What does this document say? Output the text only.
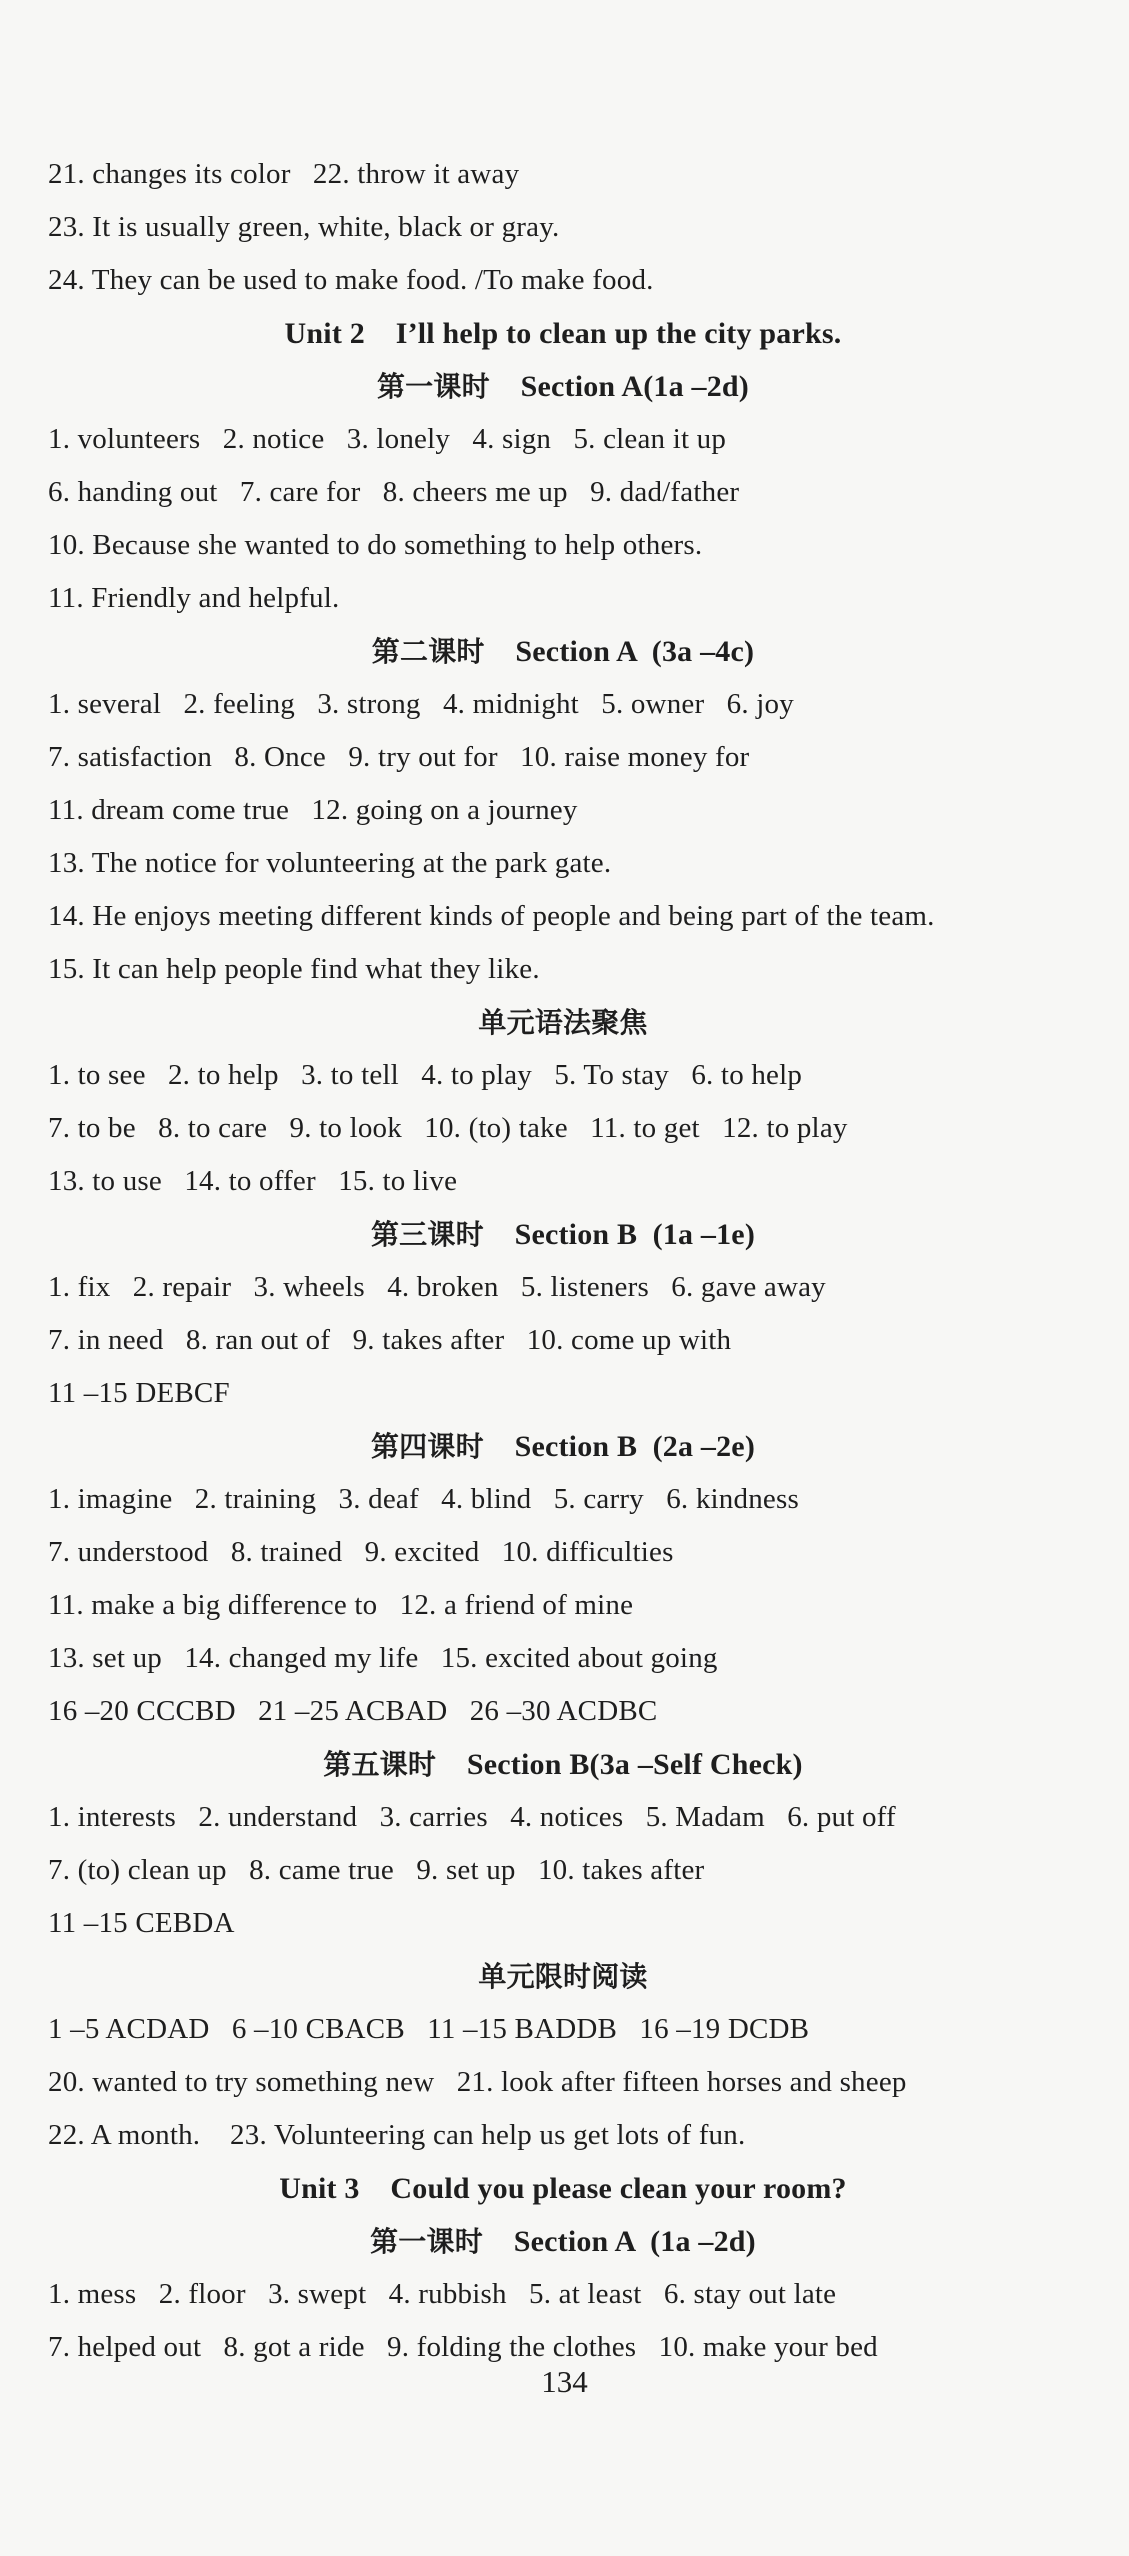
21. changes its color   22. throw it away
23. It is usually green, white, black or gray.
24. They can be used to make food. /To make food.
Unit 2    I’ll help to clean up the city parks.
第一课时    Section A(1a –2d)
1. volunteers   2. notice   3. lonely   4. sign   5. clean it up
6. handing out   7. care for   8. cheers me up   9. dad/father
10. Because she wanted to do something to help others.
11. Friendly and helpful.
第二课时    Section A  (3a –4c)
1. several   2. feeling   3. strong   4. midnight   5. owner   6. joy
7. satisfaction   8. Once   9. try out for   10. raise money for
11. dream come true   12. going on a journey
13. The notice for volunteering at the park gate.
14. He enjoys meeting different kinds of people and being part of the team.
15. It can help people find what they like.
单元语法聚焦
1. to see   2. to help   3. to tell   4. to play   5. To stay   6. to help
7. to be   8. to care   9. to look   10. (to) take   11. to get   12. to play
13. to use   14. to offer   15. to live
第三课时    Section B  (1a –1e)
1. fix   2. repair   3. wheels   4. broken   5. listeners   6. gave away
7. in need   8. ran out of   9. takes after   10. come up with
11 –15 DEBCF
第四课时    Section B  (2a –2e)
1. imagine   2. training   3. deaf   4. blind   5. carry   6. kindness
7. understood   8. trained   9. excited   10. difficulties
11. make a big difference to   12. a friend of mine
13. set up   14. changed my life   15. excited about going
16 –20 CCCBD   21 –25 ACBAD   26 –30 ACDBC
第五课时    Section B(3a –Self Check)
1. interests   2. understand   3. carries   4. notices   5. Madam   6. put off
7. (to) clean up   8. came true   9. set up   10. takes after
11 –15 CEBDA
单元限时阅读
1 –5 ACDAD   6 –10 CBACB   11 –15 BADDB   16 –19 DCDB
20. wanted to try something new   21. look after fifteen horses and sheep
22. A month.    23. Volunteering can help us get lots of fun.
Unit 3    Could you please clean your room?
第一课时    Section A  (1a –2d)
1. mess   2. floor   3. swept   4. rubbish   5. at least   6. stay out late
7. helped out   8. got a ride   9. folding the clothes   10. make your bed
134
